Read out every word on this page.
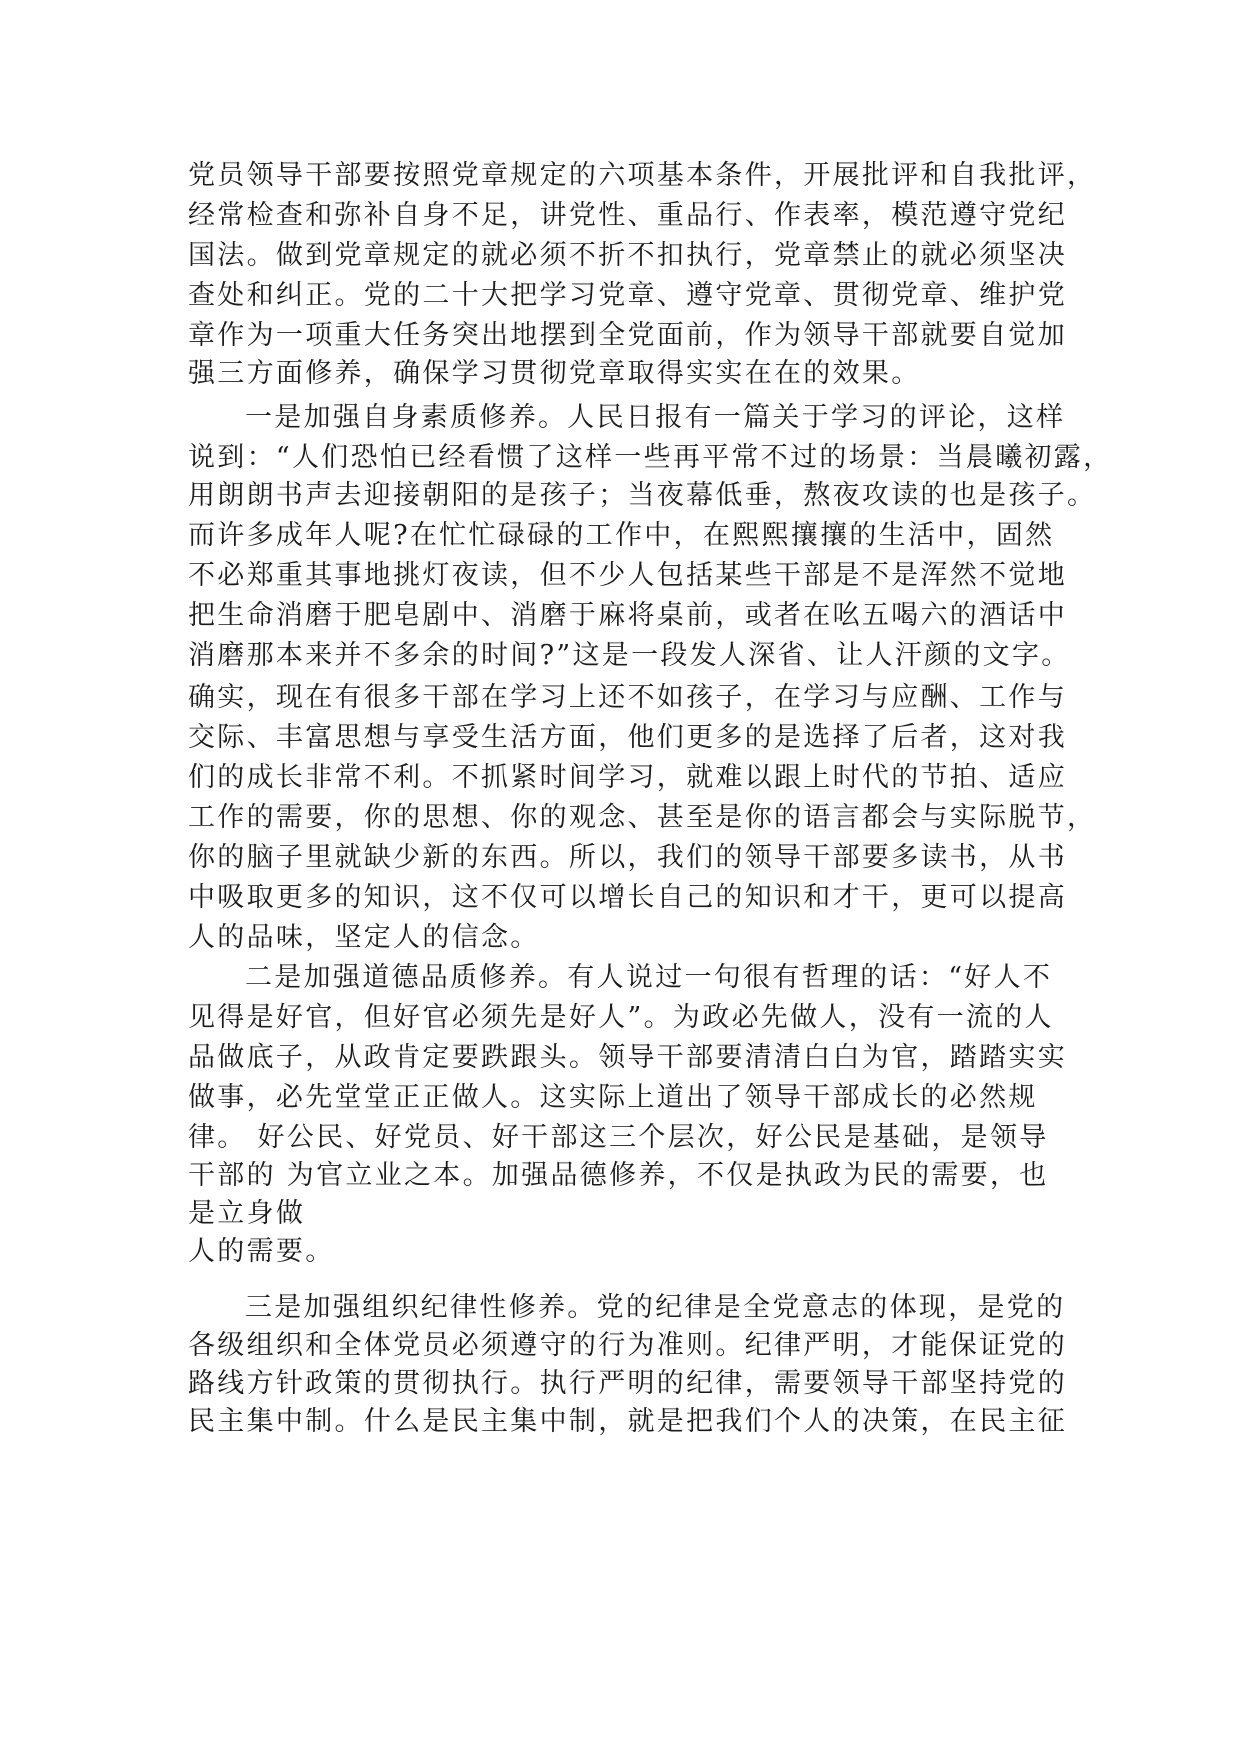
党员领导干部要按照党章规定的六项基本条件，开展批评和自我批评，
经常检查和弥补自身不足，讲党性、重品行、作表率，模范遵守党纪
国法。做到党章规定的就必须不折不扣执行，党章禁止的就必须坚决
查处和纠正。党的二十大把学习党章、遵守党章、贯彻党章、维护党
章作为一项重大任务突出地摆到全党面前，作为领导干部就要自觉加
强三方面修养，确保学习贯彻党章取得实实在在的效果。
一是加强自身素质修养。人民日报有一篇关于学习的评论，这样
说到：“人们恐怕已经看惯了这样一些再平常不过的场景：当晨曦初露，
用朗朗书声去迎接朝阳的是孩子；当夜幕低垂，熬夜攻读的也是孩子。
而许多成年人呢?在忙忙碌碌的工作中，在熙熙攘攘的生活中，固然
不必郑重其事地挑灯夜读，但不少人包括某些干部是不是浑然不觉地
把生命消磨于肥皂剧中、消磨于麻将桌前，或者在吆五喝六的酒话中
消磨那本来并不多余的时间?”这是一段发人深省、让人汗颜的文字。
确实，现在有很多干部在学习上还不如孩子，在学习与应酬、工作与
交际、丰富思想与享受生活方面，他们更多的是选择了后者，这对我
们的成长非常不利。不抓紧时间学习，就难以跟上时代的节拍、适应
工作的需要，你的思想、你的观念、甚至是你的语言都会与实际脱节，
你的脑子里就缺少新的东西。所以，我们的领导干部要多读书，从书
中吸取更多的知识，这不仅可以增长自己的知识和才干，更可以提高
人的品味，坚定人的信念。
二是加强道德品质修养。有人说过一句很有哲理的话：“好人不
见得是好官，但好官必须先是好人”。为政必先做人，没有一流的人
品做底子，从政肯定要跌跟头。领导干部要清清白白为官，踏踏实实
做事，必先堂堂正正做人。这实际上道出了领导干部成长的必然规
律。 好公民、好党员、好干部这三个层次，好公民是基础，是领导
干部的 为官立业之本。加强品德修养，不仅是执政为民的需要，也
是立身做
人的需要。
三是加强组织纪律性修养。党的纪律是全党意志的体现，是党的
各级组织和全体党员必须遵守的行为准则。纪律严明，才能保证党的
路线方针政策的贯彻执行。执行严明的纪律，需要领导干部坚持党的
民主集中制。什么是民主集中制，就是把我们个人的决策，在民主征
